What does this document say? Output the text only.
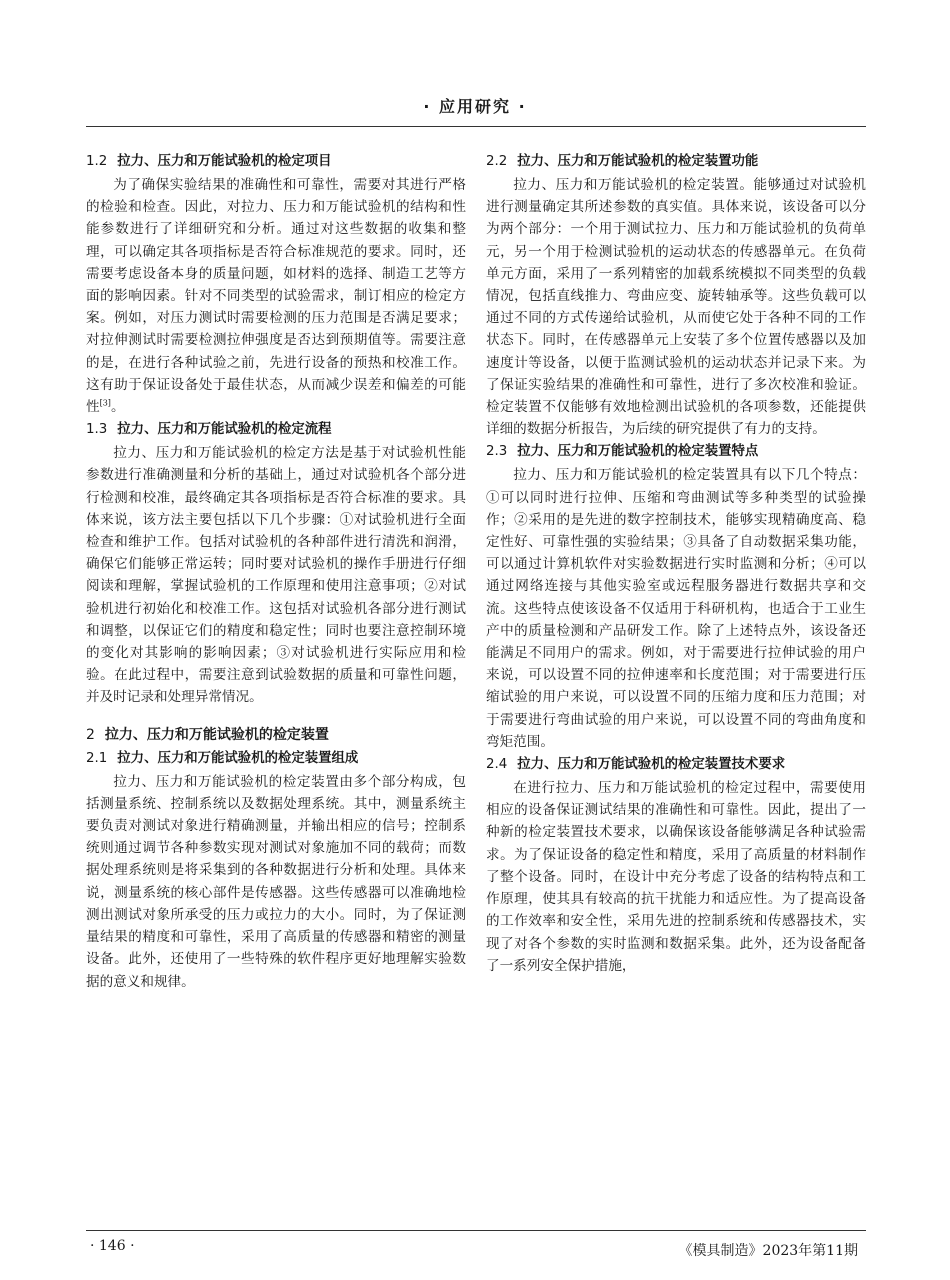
· 应用研究 ·
1.2 拉力、压力和万能试验机的检定项目

为了确保实验结果的准确性和可靠性，需要对其进行严格的检验和检查。因此，对拉力、压力和万能试验机的结构和性能参数进行了详细研究和分析。通过对这些数据的收集和整理，可以确定其各项指标是否符合标准规范的要求。同时，还需要考虑设备本身的质量问题，如材料的选择、制造工艺等方面的影响因素。针对不同类型的试验需求，制订相应的检定方案。例如，对压力测试时需要检测的压力范围是否满足要求；对拉伸测试时需要检测拉伸强度是否达到预期值等。需要注意的是，在进行各种试验之前，先进行设备的预热和校准工作。这有助于保证设备处于最佳状态，从而减少误差和偏差的可能性[3]。

1.3 拉力、压力和万能试验机的检定流程

拉力、压力和万能试验机的检定方法是基于对试验机性能参数进行准确测量和分析的基础上，通过对试验机各个部分进行检测和校准，最终确定其各项指标是否符合标准的要求。具体来说，该方法主要包括以下几个步骤：①对试验机进行全面检查和维护工作。包括对试验机的各种部件进行清洗和润滑，确保它们能够正常运转；同时要对试验机的操作手册进行仔细阅读和理解，掌握试验机的工作原理和使用注意事项；②对试验机进行初始化和校准工作。这包括对试验机各部分进行测试和调整，以保证它们的精度和稳定性；同时也要注意控制环境的变化对其影响的影响因素；③对试验机进行实际应用和检验。在此过程中，需要注意到试验数据的质量和可靠性问题，并及时记录和处理异常情况。

2 拉力、压力和万能试验机的检定装置
2.1 拉力、压力和万能试验机的检定装置组成

拉力、压力和万能试验机的检定装置由多个部分构成，包括测量系统、控制系统以及数据处理系统。其中，测量系统主要负责对测试对象进行精确测量，并输出相应的信号；控制系统则通过调节各种参数实现对测试对象施加不同的载荷；而数据处理系统则是将采集到的各种数据进行分析和处理。具体来说，测量系统的核心部件是传感器。这些传感器可以准确地检测出测试对象所承受的压力或拉力的大小。同时，为了保证测量结果的精度和可靠性，采用了高质量的传感器和精密的测量设备。此外，还使用了一些特殊的软件程序更好地理解实验数据的意义和规律。

2.2 拉力、压力和万能试验机的检定装置功能

拉力、压力和万能试验机的检定装置。能够通过对试验机进行测量确定其所述参数的真实值。具体来说，该设备可以分为两个部分：一个用于测试拉力、压力和万能试验机的负荷单元，另一个用于检测试验机的运动状态的传感器单元。在负荷单元方面，采用了一系列精密的加载系统模拟不同类型的负载情况，包括直线推力、弯曲应变、旋转轴承等。这些负载可以通过不同的方式传递给试验机，从而使它处于各种不同的工作状态下。同时，在传感器单元上安装了多个位置传感器以及加速度计等设备，以便于监测试验机的运动状态并记录下来。为了保证实验结果的准确性和可靠性，进行了多次校准和验证。检定装置不仅能够有效地检测出试验机的各项参数，还能提供详细的数据分析报告，为后续的研究提供了有力的支持。

2.3 拉力、压力和万能试验机的检定装置特点

拉力、压力和万能试验机的检定装置具有以下几个特点：①可以同时进行拉伸、压缩和弯曲测试等多种类型的试验操作；②采用的是先进的数字控制技术，能够实现精确度高、稳定性好、可靠性强的实验结果；③具备了自动数据采集功能，可以通过计算机软件对实验数据进行实时监测和分析；④可以通过网络连接与其他实验室或远程服务器进行数据共享和交流。这些特点使该设备不仅适用于科研机构，也适合于工业生产中的质量检测和产品研发工作。除了上述特点外，该设备还能满足不同用户的需求。例如，对于需要进行拉伸试验的用户来说，可以设置不同的拉伸速率和长度范围；对于需要进行压缩试验的用户来说，可以设置不同的压缩力度和压力范围；对于需要进行弯曲试验的用户来说，可以设置不同的弯曲角度和弯矩范围。

2.4 拉力、压力和万能试验机的检定装置技术要求

在进行拉力、压力和万能试验机的检定过程中，需要使用相应的设备保证测试结果的准确性和可靠性。因此，提出了一种新的检定装置技术要求，以确保该设备能够满足各种试验需求。为了保证设备的稳定性和精度，采用了高质量的材料制作了整个设备。同时，在设计中充分考虑了设备的结构特点和工作原理，使其具有较高的抗干扰能力和适应性。为了提高设备的工作效率和安全性，采用先进的控制系统和传感器技术，实现了对各个参数的实时监测和数据采集。此外，还为设备配备了一系列安全保护措施，

· 146 ·	《模具制造》2023年第11期
